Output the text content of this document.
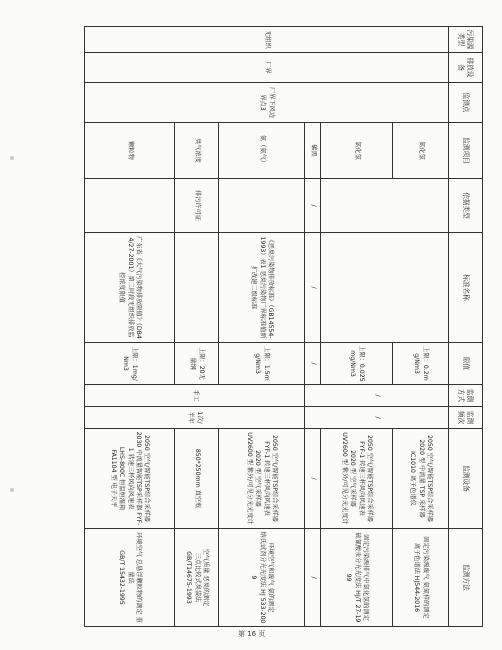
污染源类型	排放设备	监测点	监测项目	依据类型	标准名称	限值	监测方式	监测频次	监测设备	监测方法
无组织	厂界	厂界下风边界点3	氮化氢			上限：0.2mg/Nm3	/	/	2050 空气/智能TSP综合采样器
2020 型 中流量 TSP 采样器
IC1010 离子色谱仪	固定污染源废气 氨氮样的测定
离子色谱法 HJ544-2016
			氯化氢			上限：0.025mg/Nm3			2050 空气/智能TSP综合采样器
FYF-1 转速三杯风向风速表
2020 型 空气采样器
UV2600 型 紫外/可见分光光度计	固定污染源排气中氯化氢的测定
硫氰酸汞分光光度法 HJ/T 27-1999
			碳黑	/	/	/			/	/
			氨（氨气）		《恶臭污染物排放标准》（GB14554-1993）表1 恶臭污染物厂界标准值新扩改建二级标准	上限：1.5mg/Nm3	手工	1次/半年	2050 空气/智能TSP综合采样器
FYF-1 转速三杯风向风速表
2020 型 空气采样器
UV2600 型 紫外/可见分光光度计	环境空气和废气 氨的测定
纳氏试剂分光光度法 HJ 533-2009
			臭气浓度	排污许可证		上限：20无量纲			850*250mm 真空瓶	空气质量 恶臭的测定
三点比较式臭袋法
GB/T14675-1993
			颗粒物		广东省《大气污染物排放限值》（DB44/27-2001）第二时段无组织排放监控浓度限值	上限：1mg/Nm3			2050 空气/智能TSP综合采样器
2030 中流量智能TSP采样器 FYF-1 转速三杯风向风速表
LHS-800C 恒温恒湿箱
FA1104 型 电子天平	环境空气 总悬浮颗粒物的测定 重量法
GB/T 15432-1995
第 16 页
